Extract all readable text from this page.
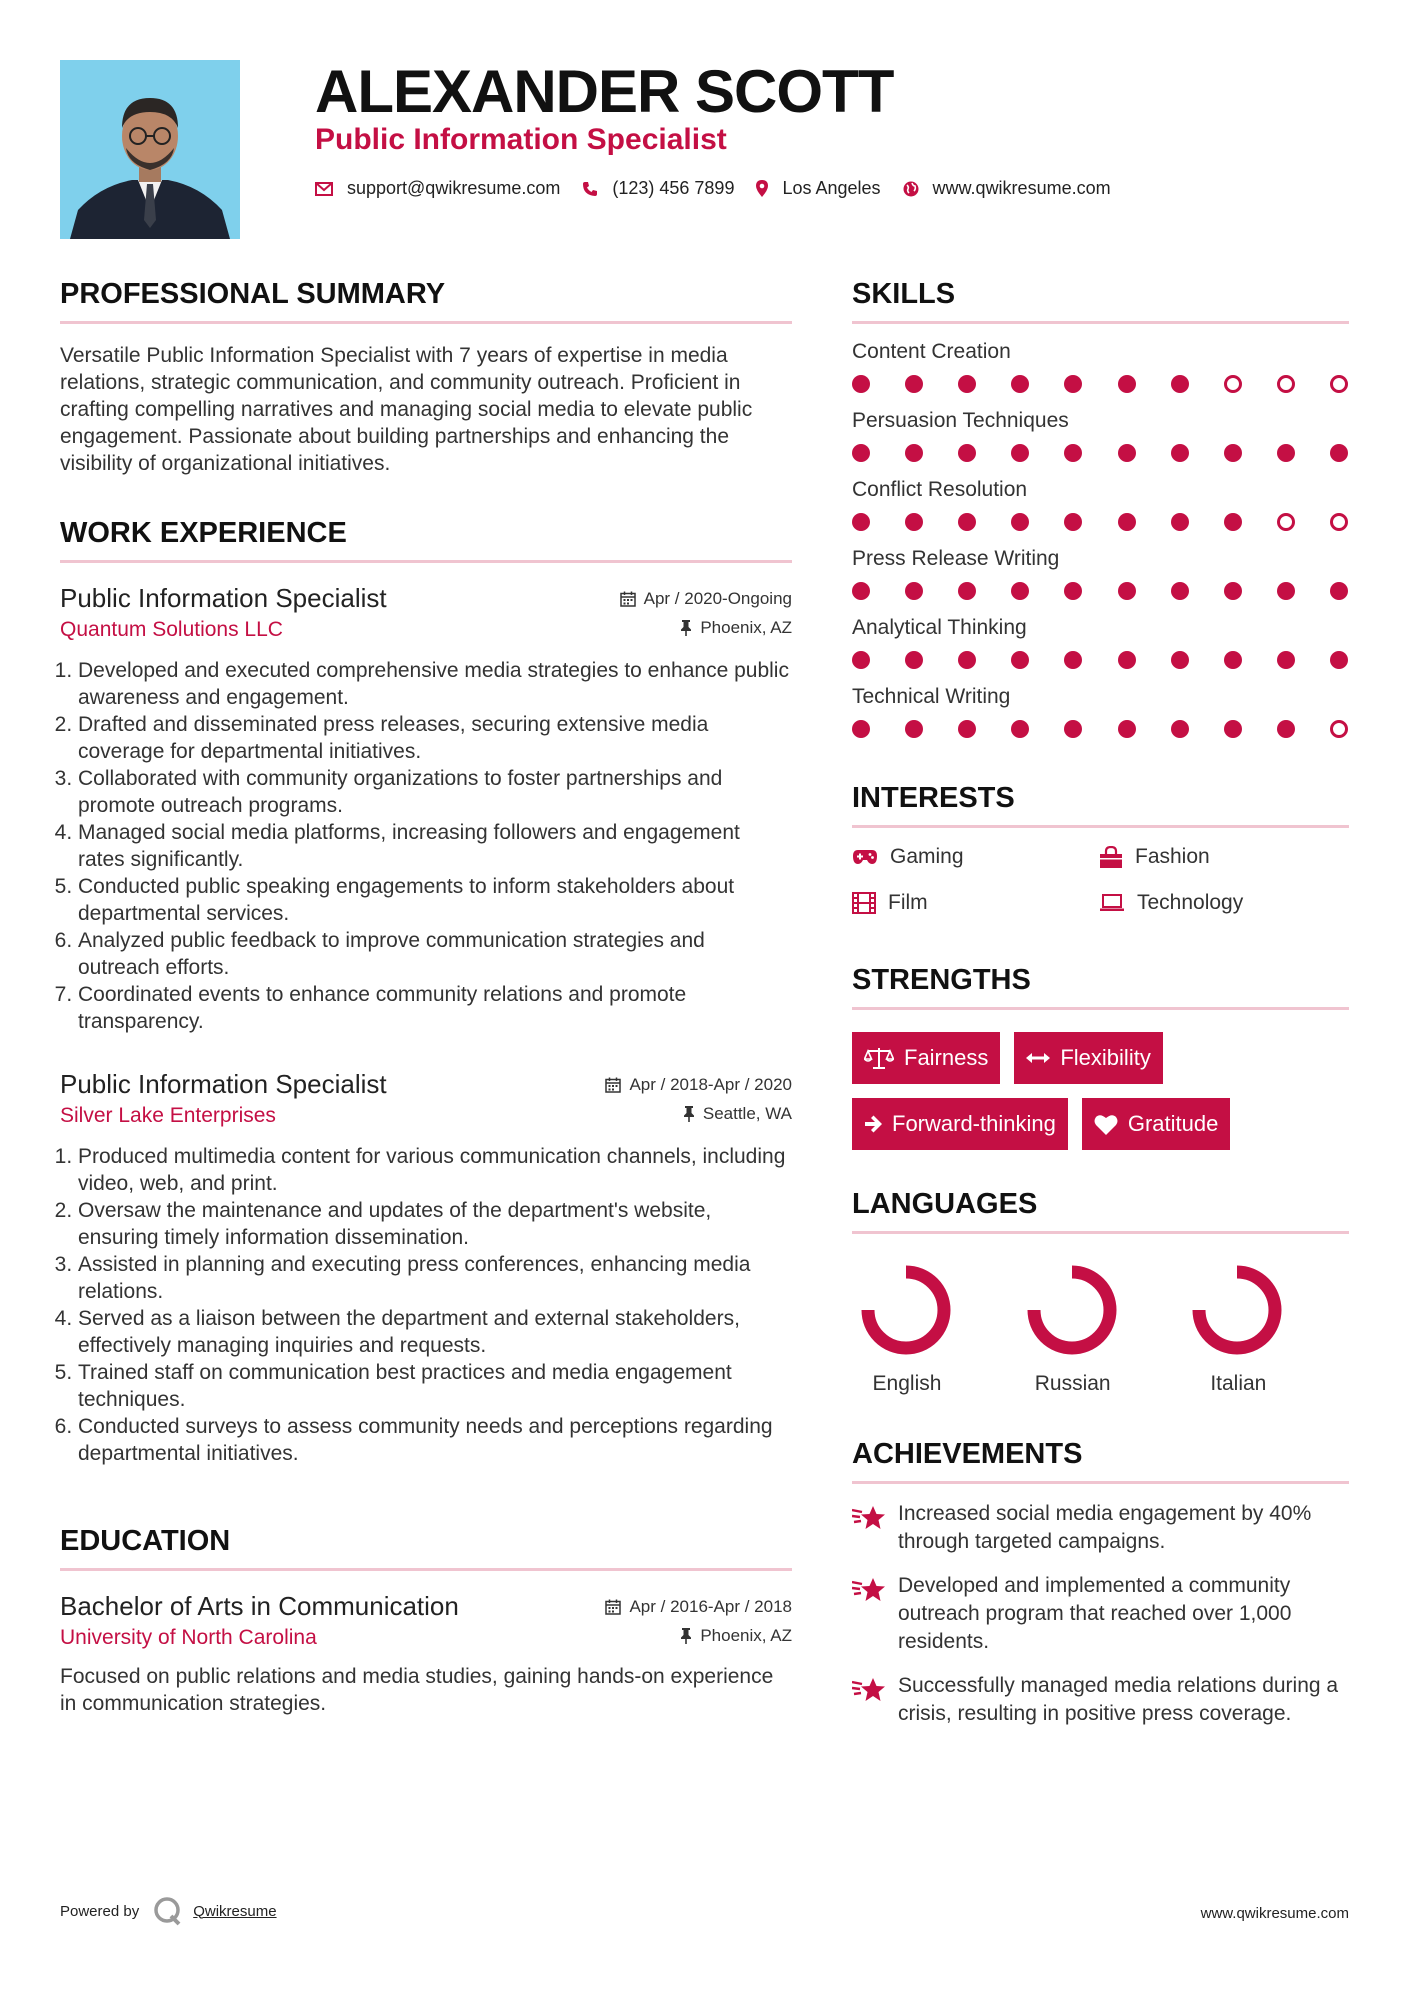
ALEXANDER SCOTT
Public Information Specialist
support@qwikresume.com	(123) 456 7899	Los Angeles	www.qwikresume.com
PROFESSIONAL SUMMARY

Versatile Public Information Specialist with 7 years of expertise in media relations, strategic communication, and community outreach. Proficient in crafting compelling narratives and managing social media to elevate public engagement. Passionate about building partnerships and enhancing the visibility of organizational initiatives.

WORK EXPERIENCE
Public Information Specialist	Apr / 2020-Ongoing
Quantum Solutions LLC	Phoenix, AZ
1. Developed and executed comprehensive media strategies to enhance public awareness and engagement.
2. Drafted and disseminated press releases, securing extensive media coverage for departmental initiatives.
3. Collaborated with community organizations to foster partnerships and promote outreach programs.
4. Managed social media platforms, increasing followers and engagement rates significantly.
5. Conducted public speaking engagements to inform stakeholders about departmental services.
6. Analyzed public feedback to improve communication strategies and outreach efforts.
7. Coordinated events to enhance community relations and promote transparency.
Public Information Specialist	Apr / 2018-Apr / 2020
Silver Lake Enterprises	Seattle, WA
1. Produced multimedia content for various communication channels, including video, web, and print.
2. Oversaw the maintenance and updates of the department's website, ensuring timely information dissemination.
3. Assisted in planning and executing press conferences, enhancing media relations.
4. Served as a liaison between the department and external stakeholders, effectively managing inquiries and requests.
5. Trained staff on communication best practices and media engagement techniques.
6. Conducted surveys to assess community needs and perceptions regarding departmental initiatives.
EDUCATION
Bachelor of Arts in Communication	Apr / 2016-Apr / 2018
University of North Carolina	Phoenix, AZ

Focused on public relations and media studies, gaining hands-on experience in communication strategies.

SKILLS
Content Creation
Persuasion Techniques
Conflict Resolution
Press Release Writing
Analytical Thinking
Technical Writing
INTERESTS
Gaming	Fashion
Film	Technology
STRENGTHS
Fairness	Flexibility
Forward-thinking	Gratitude
LANGUAGES
English	Russian	Italian
ACHIEVEMENTS
Increased social media engagement by 40% through targeted campaigns.
Developed and implemented a community outreach program that reached over 1,000 residents.
Successfully managed media relations during a crisis, resulting in positive press coverage.
Powered by	Qwikresume	www.qwikresume.com
